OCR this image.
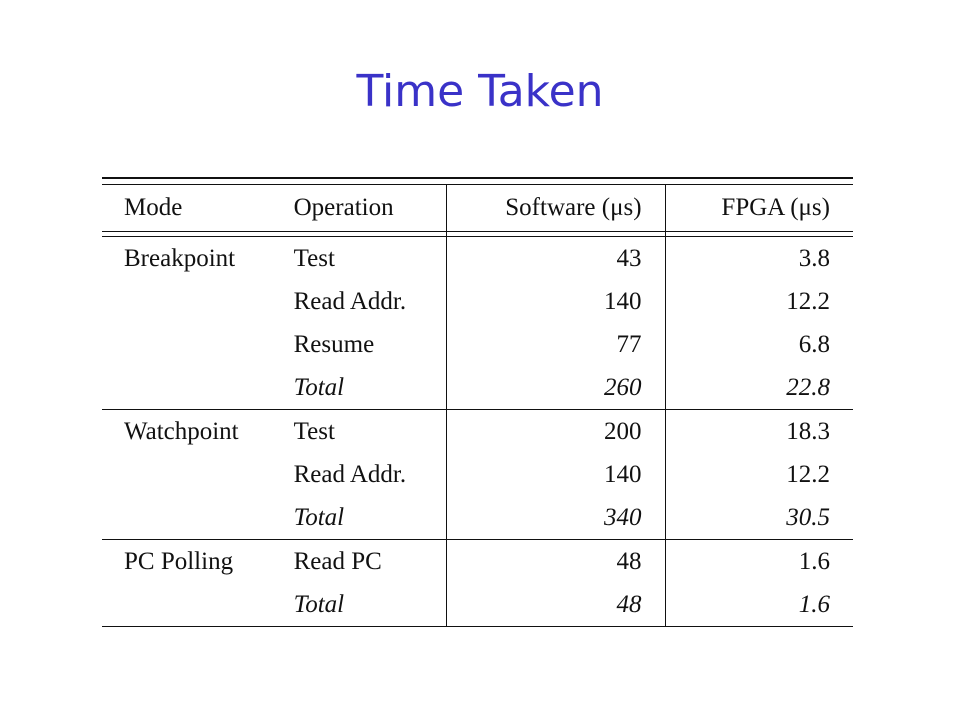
Time Taken
Mode	Operation	Software (μs)	FPGA (μs)

Breakpoint	Test	43	3.8
	Read Addr.	140	12.2
	Resume	77	6.8
	Total	260	22.8
Watchpoint	Test	200	18.3
	Read Addr.	140	12.2
	Total	340	30.5
PC Polling	Read PC	48	1.6
	Total	48	1.6
